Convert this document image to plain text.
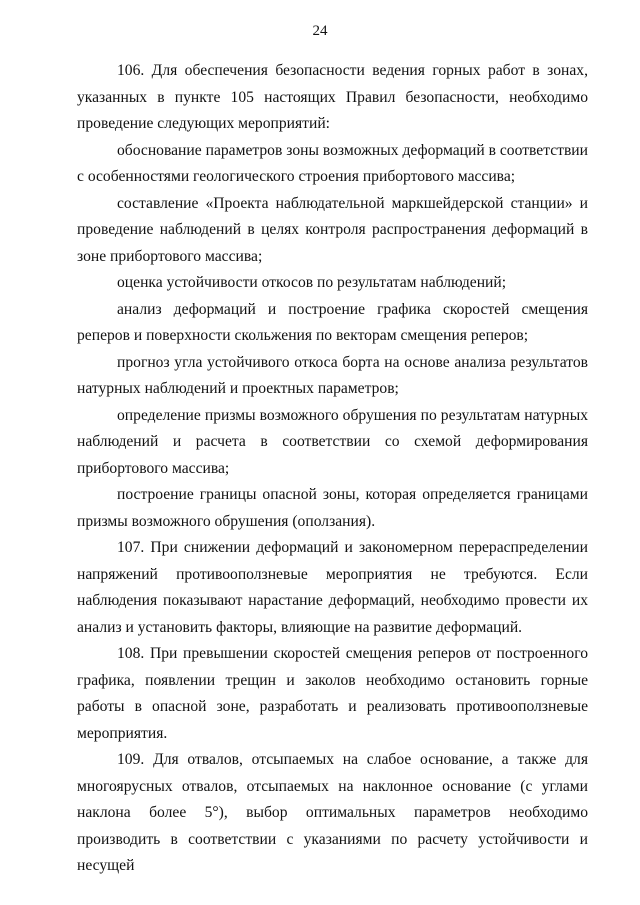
24

106. Для обеспечения безопасности ведения горных работ в зонах, указанных в пункте 105 настоящих Правил безопасности, необходимо проведение следующих мероприятий:

обоснование параметров зоны возможных деформаций в соответствии с особенностями геологического строения прибортового массива;

составление «Проекта наблюдательной маркшейдерской станции» и проведение наблюдений в целях контроля распространения деформаций в зоне прибортового массива;

оценка устойчивости откосов по результатам наблюдений;

анализ деформаций и построение графика скоростей смещения реперов и поверхности скольжения по векторам смещения реперов;

прогноз угла устойчивого откоса борта на основе анализа результатов натурных наблюдений и проектных параметров;

определение призмы возможного обрушения по результатам натурных наблюдений и расчета в соответствии со схемой деформирования прибортового массива;

построение границы опасной зоны, которая определяется границами призмы возможного обрушения (оползания).

107. При снижении деформаций и закономерном перераспределении напряжений противооползневые мероприятия не требуются. Если наблюдения показывают нарастание деформаций, необходимо провести их анализ и установить факторы, влияющие на развитие деформаций.

108. При превышении скоростей смещения реперов от построенного графика, появлении трещин и заколов необходимо остановить горные работы в опасной зоне, разработать и реализовать противооползневые мероприятия.

109. Для отвалов, отсыпаемых на слабое основание, а также для многоярусных отвалов, отсыпаемых на наклонное основание (с углами наклона более 5°), выбор оптимальных параметров необходимо производить в соответствии с указаниями по расчету устойчивости и несущей
